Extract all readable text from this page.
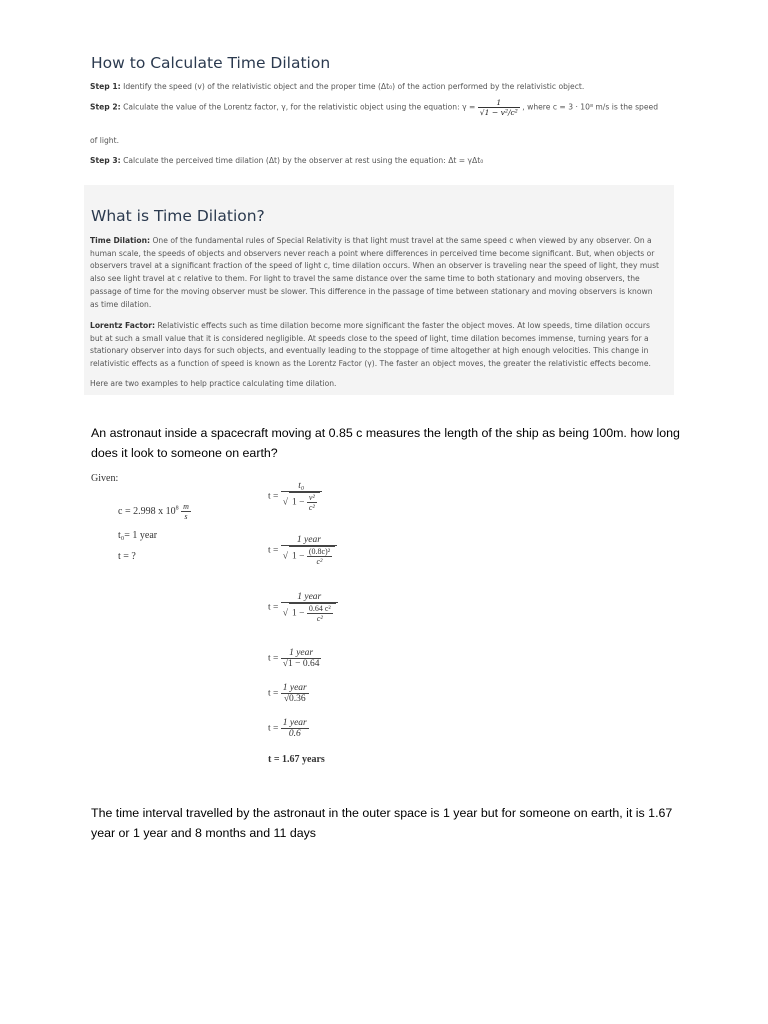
How to Calculate Time Dilation
Step 1: Identify the speed (v) of the relativistic object and the proper time (Δt₀) of the action performed by the relativistic object.
Step 2: Calculate the value of the Lorentz factor, γ, for the relativistic object using the equation: $\gamma = \frac{1}{\text{√1 − v²/c²}}$ , where c = 3 · 10⁸ m/s is the speed
of light.
Step 3: Calculate the perceived time dilation (Δt) by the observer at rest using the equation: Δt = γΔt₀
What is Time Dilation?
Time Dilation: One of the fundamental rules of Special Relativity is that light must travel at the same speed c when viewed by any observer. On a
human scale, the speeds of objects and observers never reach a point where differences in perceived time become significant. But, when objects or
observers travel at a significant fraction of the speed of light c, time dilation occurs. When an observer is traveling near the speed of light, they must
also see light travel at c relative to them. For light to travel the same distance over the same time to both stationary and moving observers, the
passage of time for the moving observer must be slower. This difference in the passage of time between stationary and moving observers is known
as time dilation.
Lorentz Factor: Relativistic effects such as time dilation become more significant the faster the object moves. At low speeds, time dilation occurs
but at such a small value that it is considered negligible. At speeds close to the speed of light, time dilation becomes immense, turning years for a
stationary observer into days for such objects, and eventually leading to the stoppage of time altogether at high enough velocities. This change in
relativistic effects as a function of speed is known as the Lorentz Factor (γ). The faster an object moves, the greater the relativistic effects become.
Here are two examples to help practice calculating time dilation.

An astronaut inside a spacecraft moving at 0.85 c measures the length of the ship as being 100m. how long does it look to someone on earth?

Given:
c = 2.998 x $10^8 \frac{m}{s}$
t₀= 1 year
t = ?
$t = \frac{\text{t₀}}{√ 1 - \frac{\text{v²}}{\text{c²}}}$
$t = \frac{\text{1 year}}{√ 1 - \frac{\text{(0.8c)²}}{\text{c²}}}$
$t = \frac{\text{1 year}}{√ 1 - \frac{\text{0.64 c²}}{\text{c²}}}$
$t = \frac{\text{1 year}}{√1 - 0.64}$
$t = \frac{\text{1 year}}{√0.36}$
$t = \frac{\text{1 year}}{0.6}$
t = 1.67 years

The time interval travelled by the astronaut in the outer space is 1 year but for someone on earth, it is 1.67 year or 1 year and 8 months and 11 days
